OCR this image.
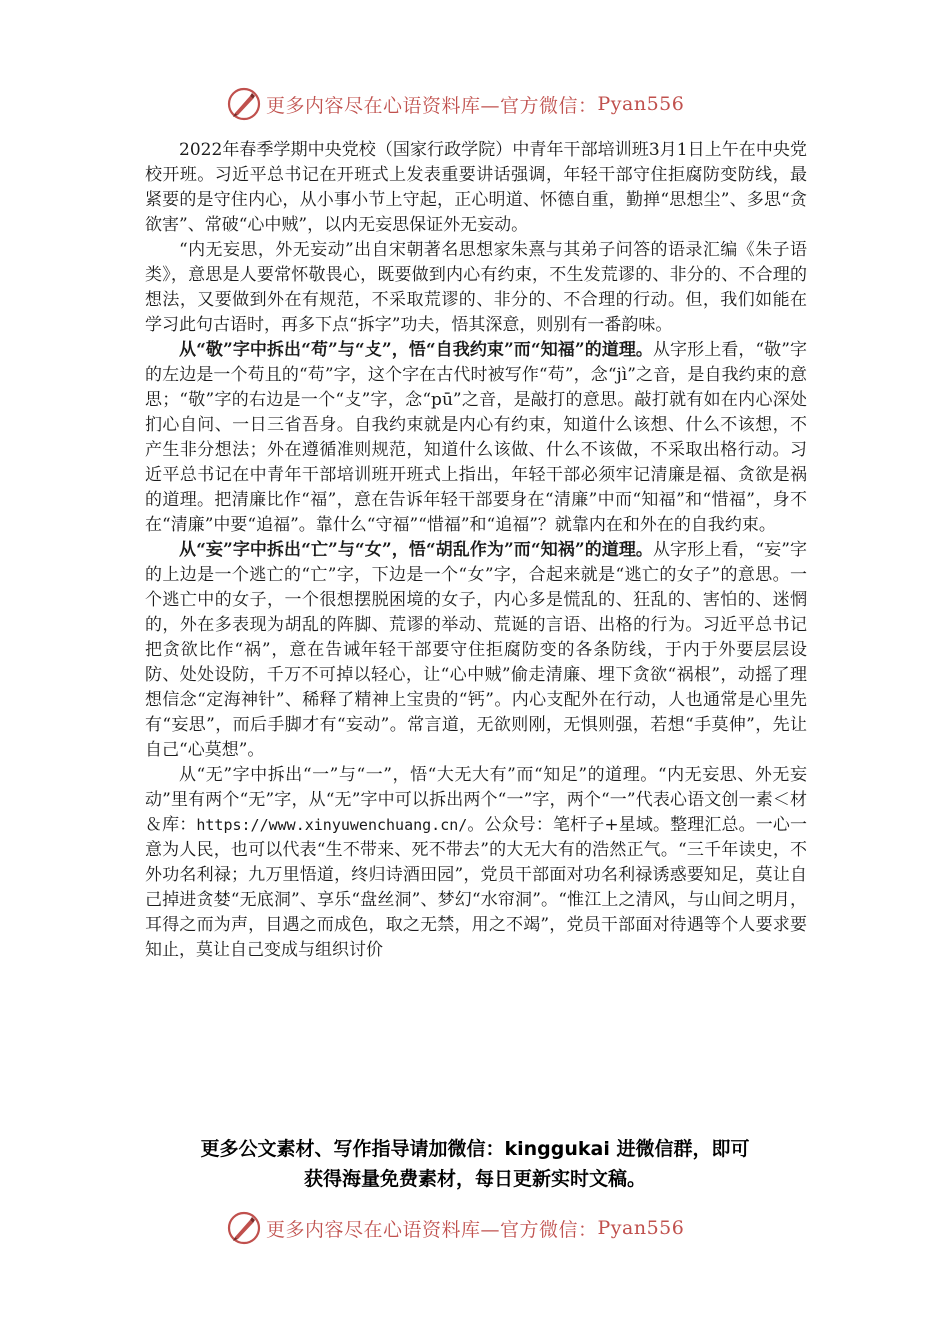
更多内容尽在心语资料库—官方微信： Pyan556

2022年春季学期中央党校（国家行政学院）中青年干部培训班3月1日上午在中央党校开班。习近平总书记在开班式上发表重要讲话强调，年轻干部守住拒腐防变防线，最紧要的是守住内心，从小事小节上守起，正心明道、怀德自重，勤掸“思想尘”、多思“贪欲害”、常破“心中贼”，以内无妄思保证外无妄动。

“内无妄思，外无妄动”出自宋朝著名思想家朱熹与其弟子问答的语录汇编《朱子语类》，意思是人要常怀敬畏心，既要做到内心有约束，不生发荒谬的、非分的、不合理的想法，又要做到外在有规范，不采取荒谬的、非分的、不合理的行动。但，我们如能在学习此句古语时，再多下点“拆字”功夫，悟其深意，则别有一番韵味。

从“敬”字中拆出“苟”与“攴”，悟“自我约束”而“知福”的道理。从字形上看，“敬”字的左边是一个苟且的“苟”字，这个字在古代时被写作“苟”，念“jì”之音，是自我约束的意思；“敬”字的右边是一个“攴”字，念“pū”之音，是敲打的意思。敲打就有如在内心深处扪心自问、一日三省吾身。自我约束就是内心有约束，知道什么该想、什么不该想，不产生非分想法；外在遵循准则规范，知道什么该做、什么不该做，不采取出格行动。习近平总书记在中青年干部培训班开班式上指出，年轻干部必须牢记清廉是福、贪欲是祸的道理。把清廉比作“福”，意在告诉年轻干部要身在“清廉”中而“知福”和“惜福”，身不在“清廉”中要“追福”。靠什么“守福”“惜福”和“追福”？就靠内在和外在的自我约束。

从“妄”字中拆出“亡”与“女”，悟“胡乱作为”而“知祸”的道理。从字形上看，“妄”字的上边是一个逃亡的“亡”字，下边是一个“女”字，合起来就是“逃亡的女子”的意思。一个逃亡中的女子，一个很想摆脱困境的女子，内心多是慌乱的、狂乱的、害怕的、迷惘的，外在多表现为胡乱的阵脚、荒谬的举动、荒诞的言语、出格的行为。习近平总书记把贪欲比作“祸”，意在告诫年轻干部要守住拒腐防变的各条防线，于内于外要层层设防、处处设防，千万不可掉以轻心，让“心中贼”偷走清廉、埋下贪欲“祸根”，动摇了理想信念“定海神针”、稀释了精神上宝贵的“钙”。内心支配外在行动，人也通常是心里先有“妄思”，而后手脚才有“妄动”。常言道，无欲则刚，无惧则强，若想“手莫伸”，先让自己“心莫想”。

从“无”字中拆出“一”与“一”，悟“大无大有”而“知足”的道理。“内无妄思、外无妄动”里有两个“无”字，从“无”字中可以拆出两个“一”字，两个“一”代表心语文创一素＜材＆库：https://www.xinyuwenchuang.cn/。公众号：笔杆子+星域。整理汇总。一心一意为人民，也可以代表“生不带来、死不带去”的大无大有的浩然正气。“三千年读史，不外功名利禄；九万里悟道，终归诗酒田园”，党员干部面对功名利禄诱惑要知足，莫让自己掉进贪婪“无底洞”、享乐“盘丝洞”、梦幻“水帘洞”。“惟江上之清风，与山间之明月，耳得之而为声，目遇之而成色，取之无禁，用之不竭”，党员干部面对待遇等个人要求要知止，莫让自己变成与组织讨价

更多公文素材、写作指导请加微信：kinggukai 进微信群，即可
获得海量免费素材，每日更新实时文稿。
更多内容尽在心语资料库—官方微信： Pyan556
